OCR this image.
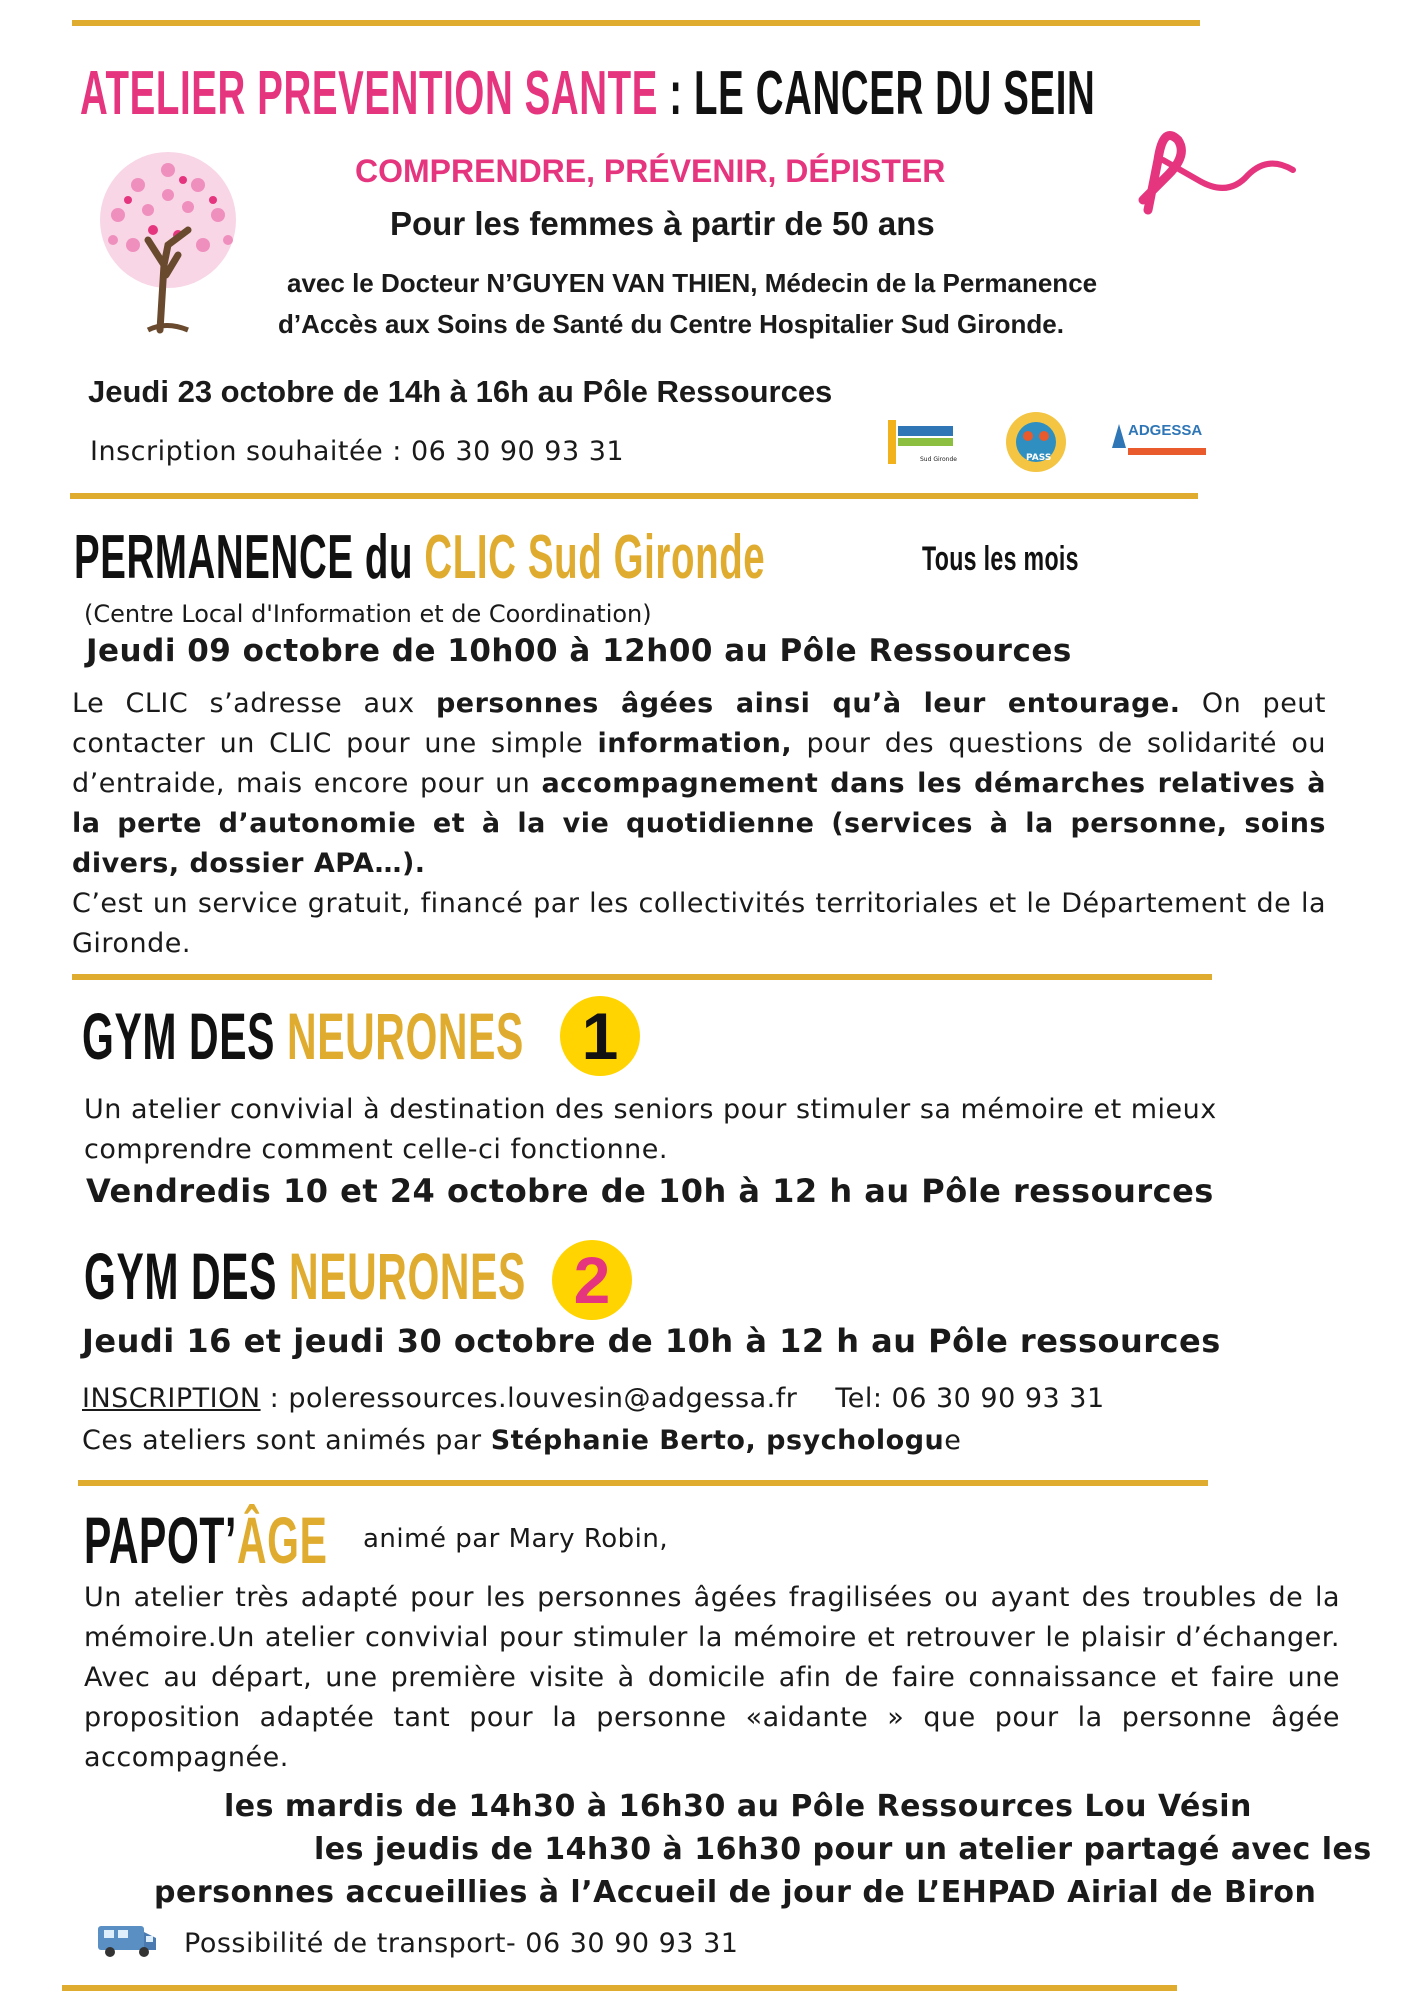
ATELIER PREVENTION SANTE : LE CANCER DU SEIN
COMPRENDRE, PRÉVENIR, DÉPISTER
Pour les femmes à partir de 50 ans
avec le Docteur N’GUYEN VAN THIEN, Médecin de la Permanence
d’Accès aux Soins de Santé du Centre Hospitalier Sud Gironde.
Jeudi 23 octobre de 14h à 16h au Pôle Ressources
Inscription souhaitée : 06 30 90 93 31	Sud Gironde	PASS
ADGESSA
PERMANENCE du CLIC Sud Gironde	Tous les mois
(Centre Local d'Information et de Coordination)
Jeudi 09 octobre de 10h00 à 12h00 au Pôle Ressources
Le CLIC s’adresse aux personnes âgées ainsi qu’à leur entourage. On peut contacter un CLIC pour une simple information, pour des questions de solidarité ou d’entraide, mais encore pour un accompagnement dans les démarches relatives à la perte d’autonomie et à la vie quotidienne (services à la personne, soins divers, dossier APA…).
C’est un service gratuit, financé par les collectivités territoriales et le Département de la Gironde.
GYM DES NEURONES 1
Un atelier convivial à destination des seniors pour stimuler sa mémoire et mieux comprendre comment celle-ci fonctionne.
Vendredis 10 et 24 octobre de 10h à 12 h au Pôle ressources
GYM DES NEURONES 2
Jeudi 16 et jeudi 30 octobre de 10h à 12 h au Pôle ressources
INSCRIPTION : poleressources.louvesin@adgessa.fr Tel: 06 30 90 93 31
Ces ateliers sont animés par Stéphanie Berto, psychologue
PAPOT’ÂGE animé par Mary Robin,
Un atelier très adapté pour les personnes âgées fragilisées ou ayant des troubles de la mémoire.Un atelier convivial pour stimuler la mémoire et retrouver le plaisir d’échanger. Avec au départ, une première visite à domicile afin de faire connaissance et faire une proposition adaptée tant pour la personne «aidante » que pour la personne âgée accompagnée.
les mardis de 14h30 à 16h30 au Pôle Ressources Lou Vésin
les jeudis de 14h30 à 16h30 pour un atelier partagé avec les
personnes accueillies à l’Accueil de jour de L’EHPAD Airial de Biron
Possibilité de transport- 06 30 90 93 31
